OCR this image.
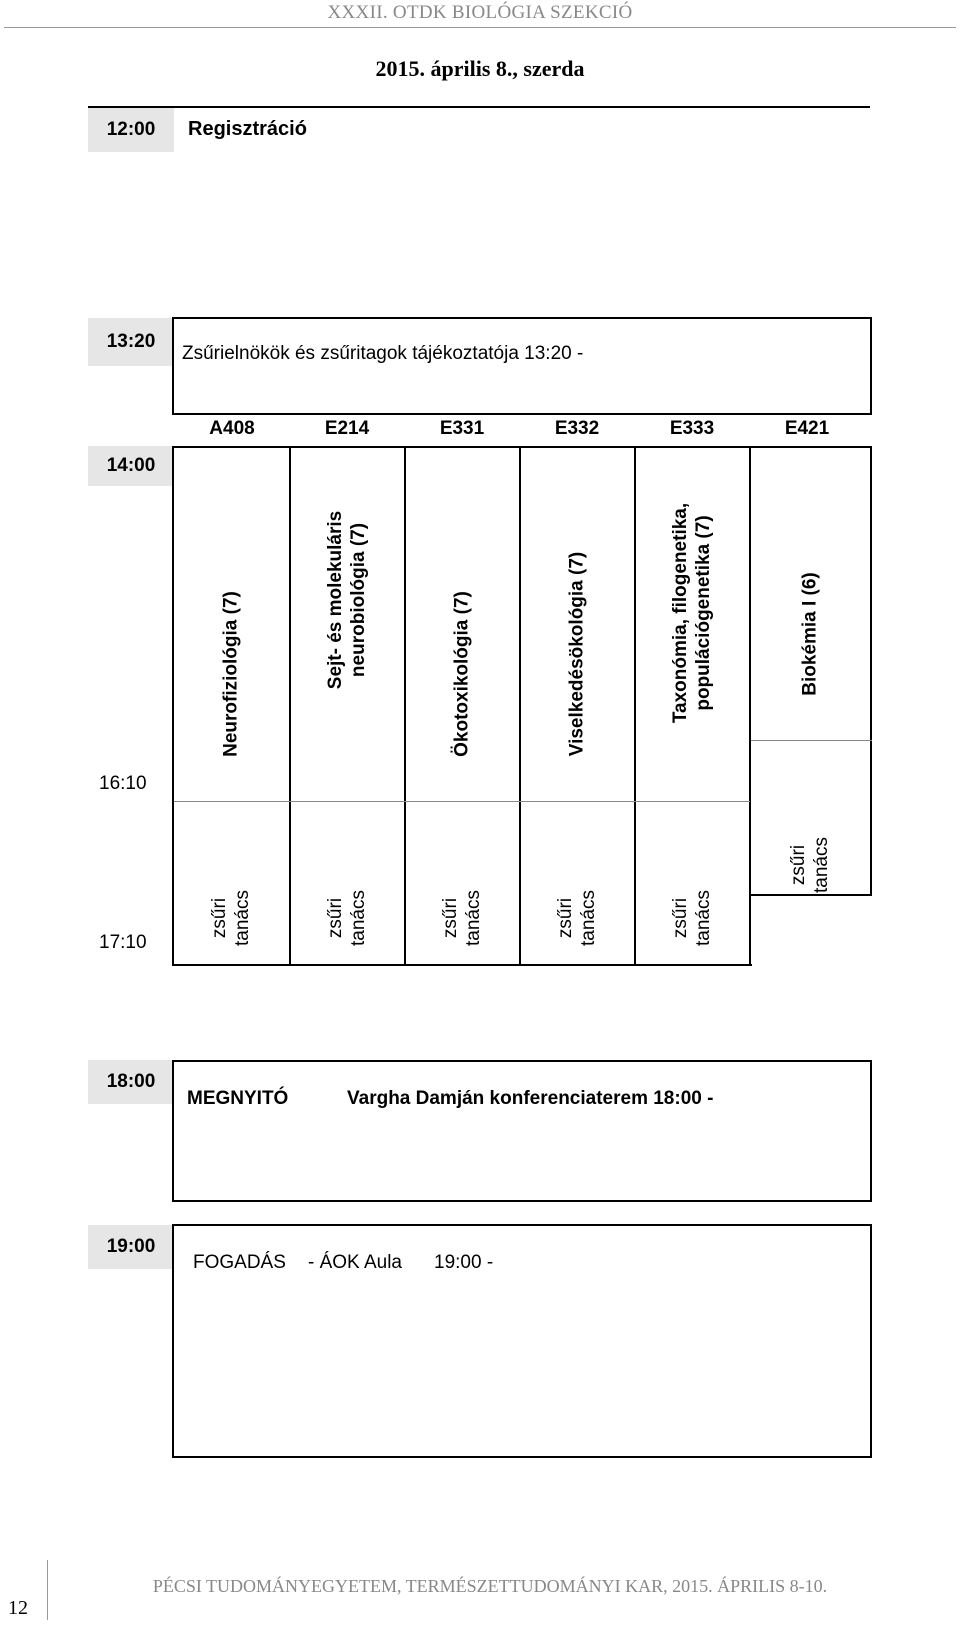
XXXII. OTDK BIOLÓGIA SZEKCIÓ
2015. április 8., szerda
12:00	Regisztráció
13:20
Zsűrielnökök és zsűritagok tájékoztatója 13:20 -
A408	E214	E331	E332	E333	E421
14:00
16:10
17:10
Neurofiziológia (7)	Sejt- és molekuláris neurobiológia (7)	Ökotoxikológia (7)	Viselkedésökológia (7)	Taxonómia, filogenetika, populációgenetika (7)	Biokémia I (6)
zsűri tanács	zsűri tanács	zsűri tanács	zsűri tanács	zsűri tanács
zsűri tanács
18:00
MEGNYITÓ	Vargha Damján konferenciaterem 18:00 -
19:00
FOGADÁS - ÁOK Aula 19:00 -
PÉCSI TUDOMÁNYEGYETEM, TERMÉSZETTUDOMÁNYI KAR, 2015. ÁPRILIS 8-10.
12
